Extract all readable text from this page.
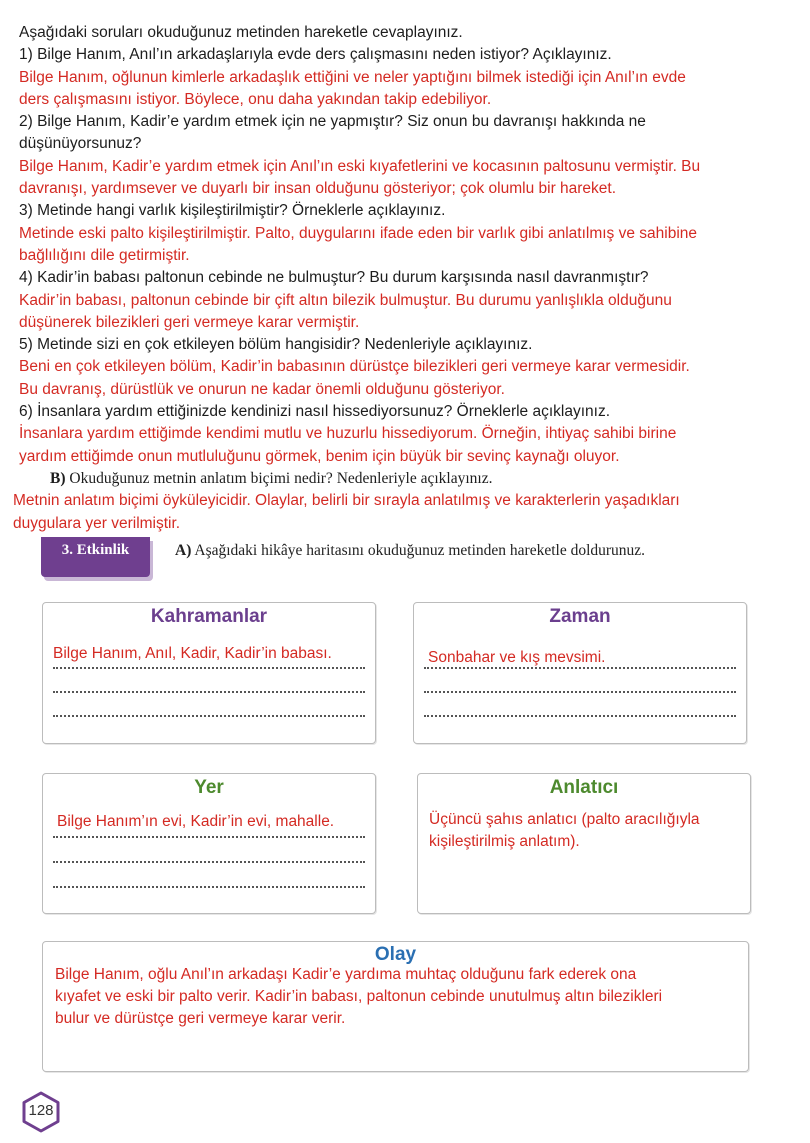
Aşağıdaki soruları okuduğunuz metinden hareketle cevaplayınız.

1) Bilge Hanım, Anıl’ın arkadaşlarıyla evde ders çalışmasını neden istiyor? Açıklayınız.

Bilge Hanım, oğlunun kimlerle arkadaşlık ettiğini ve neler yaptığını bilmek istediği için Anıl’ın evde

ders çalışmasını istiyor. Böylece, onu daha yakından takip edebiliyor.

2) Bilge Hanım, Kadir’e yardım etmek için ne yapmıştır? Siz onun bu davranışı hakkında ne

düşünüyorsunuz?

Bilge Hanım, Kadir’e yardım etmek için Anıl’ın eski kıyafetlerini ve kocasının paltosunu vermiştir. Bu

davranışı, yardımsever ve duyarlı bir insan olduğunu gösteriyor; çok olumlu bir hareket.

3) Metinde hangi varlık kişileştirilmiştir? Örneklerle açıklayınız.

Metinde eski palto kişileştirilmiştir. Palto, duygularını ifade eden bir varlık gibi anlatılmış ve sahibine

bağlılığını dile getirmiştir.

4) Kadir’in babası paltonun cebinde ne bulmuştur? Bu durum karşısında nasıl davranmıştır?

Kadir’in babası, paltonun cebinde bir çift altın bilezik bulmuştur. Bu durumu yanlışlıkla olduğunu

düşünerek bilezikleri geri vermeye karar vermiştir.

5) Metinde sizi en çok etkileyen bölüm hangisidir? Nedenleriyle açıklayınız.

Beni en çok etkileyen bölüm, Kadir’in babasının dürüstçe bilezikleri geri vermeye karar vermesidir.

Bu davranış, dürüstlük ve onurun ne kadar önemli olduğunu gösteriyor.

6) İnsanlara yardım ettiğinizde kendinizi nasıl hissediyorsunuz? Örneklerle açıklayınız.

İnsanlara yardım ettiğimde kendimi mutlu ve huzurlu hissediyorum. Örneğin, ihtiyaç sahibi birine

yardım ettiğimde onun mutluluğunu görmek, benim için büyük bir sevinç kaynağı oluyor.

B) Okuduğunuz metnin anlatım biçimi nedir? Nedenleriyle açıklayınız.

Metnin anlatım biçimi öyküleyicidir. Olaylar, belirli bir sırayla anlatılmış ve karakterlerin yaşadıkları

duygulara yer verilmiştir.

3. Etkinlik	A) Aşağıdaki hikâye haritasını okuduğunuz metinden hareketle doldurunuz.
Kahramanlar
Bilge Hanım, Anıl, Kadir, Kadir’in babası.
Zaman
Sonbahar ve kış mevsimi.
Yer
Bilge Hanım’ın evi, Kadir’in evi, mahalle.
Anlatıcı
Üçüncü şahıs anlatıcı (palto aracılığıyla
kişileştirilmiş anlatım).
Olay
Bilge Hanım, oğlu Anıl’ın arkadaşı Kadir’e yardıma muhtaç olduğunu fark ederek ona
kıyafet ve eski bir palto verir. Kadir’in babası, paltonun cebinde unutulmuş altın bilezikleri
bulur ve dürüstçe geri vermeye karar verir.
128
